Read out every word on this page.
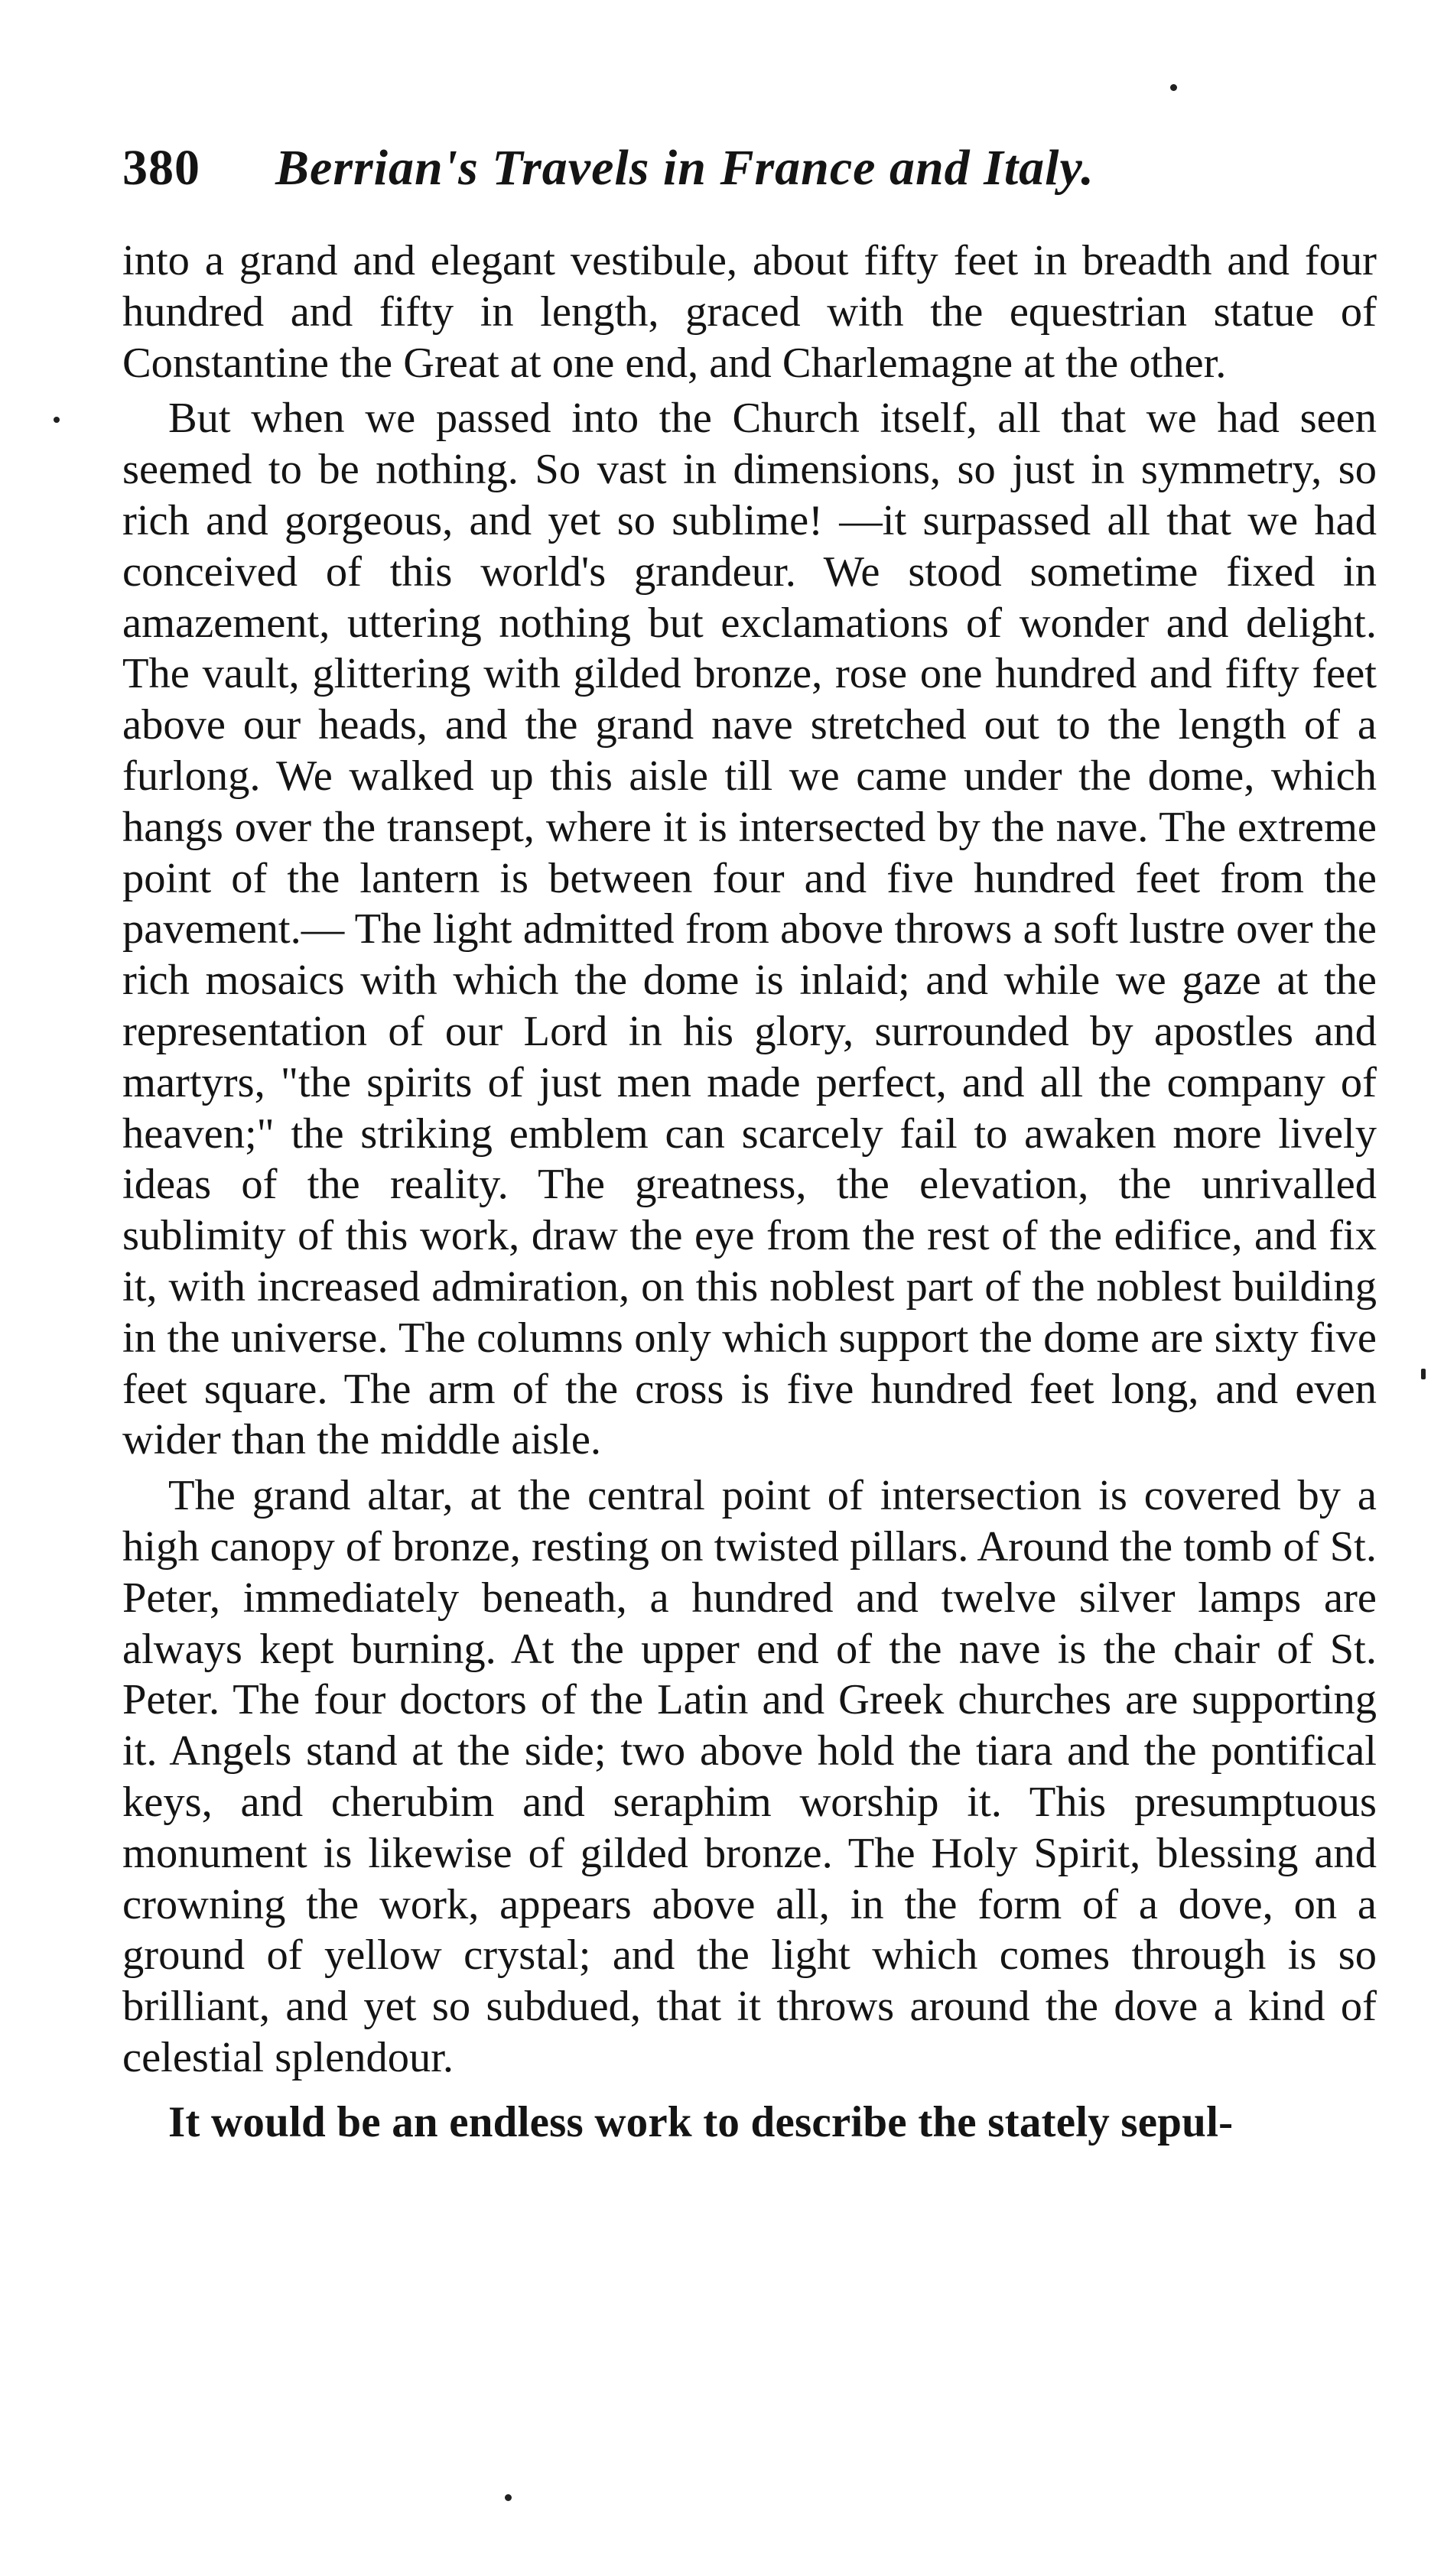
380	Berrian's Travels in France and Italy.

into a grand and elegant vestibule, about fifty feet in breadth and four hundred and fifty in length, graced with the equestrian statue of Constantine the Great at one end, and Charlemagne at the other.

But when we passed into the Church itself, all that we had seen seemed to be nothing. So vast in dimensions, so just in symmetry, so rich and gorgeous, and yet so sublime! —it surpassed all that we had conceived of this world's grandeur. We stood sometime fixed in amazement, uttering nothing but exclamations of wonder and delight. The vault, glittering with gilded bronze, rose one hundred and fifty feet above our heads, and the grand nave stretched out to the length of a furlong. We walked up this aisle till we came under the dome, which hangs over the transept, where it is intersected by the nave. The extreme point of the lantern is between four and five hundred feet from the pavement.— The light admitted from above throws a soft lustre over the rich mosaics with which the dome is inlaid; and while we gaze at the representation of our Lord in his glory, surrounded by apostles and martyrs, "the spirits of just men made perfect, and all the company of heaven;" the striking emblem can scarcely fail to awaken more lively ideas of the reality. The greatness, the elevation, the unrivalled sublimity of this work, draw the eye from the rest of the edifice, and fix it, with increased admiration, on this noblest part of the noblest building in the universe. The columns only which support the dome are sixty five feet square. The arm of the cross is five hundred feet long, and even wider than the middle aisle.

The grand altar, at the central point of intersection is covered by a high canopy of bronze, resting on twisted pillars. Around the tomb of St. Peter, immediately beneath, a hundred and twelve silver lamps are always kept burning. At the upper end of the nave is the chair of St. Peter. The four doctors of the Latin and Greek churches are supporting it. Angels stand at the side; two above hold the tiara and the pontifical keys, and cherubim and seraphim worship it. This presumptuous monument is likewise of gilded bronze. The Holy Spirit, blessing and crowning the work, appears above all, in the form of a dove, on a ground of yellow crystal; and the light which comes through is so brilliant, and yet so subdued, that it throws around the dove a kind of celestial splendour.

It would be an endless work to describe the stately sepul-
